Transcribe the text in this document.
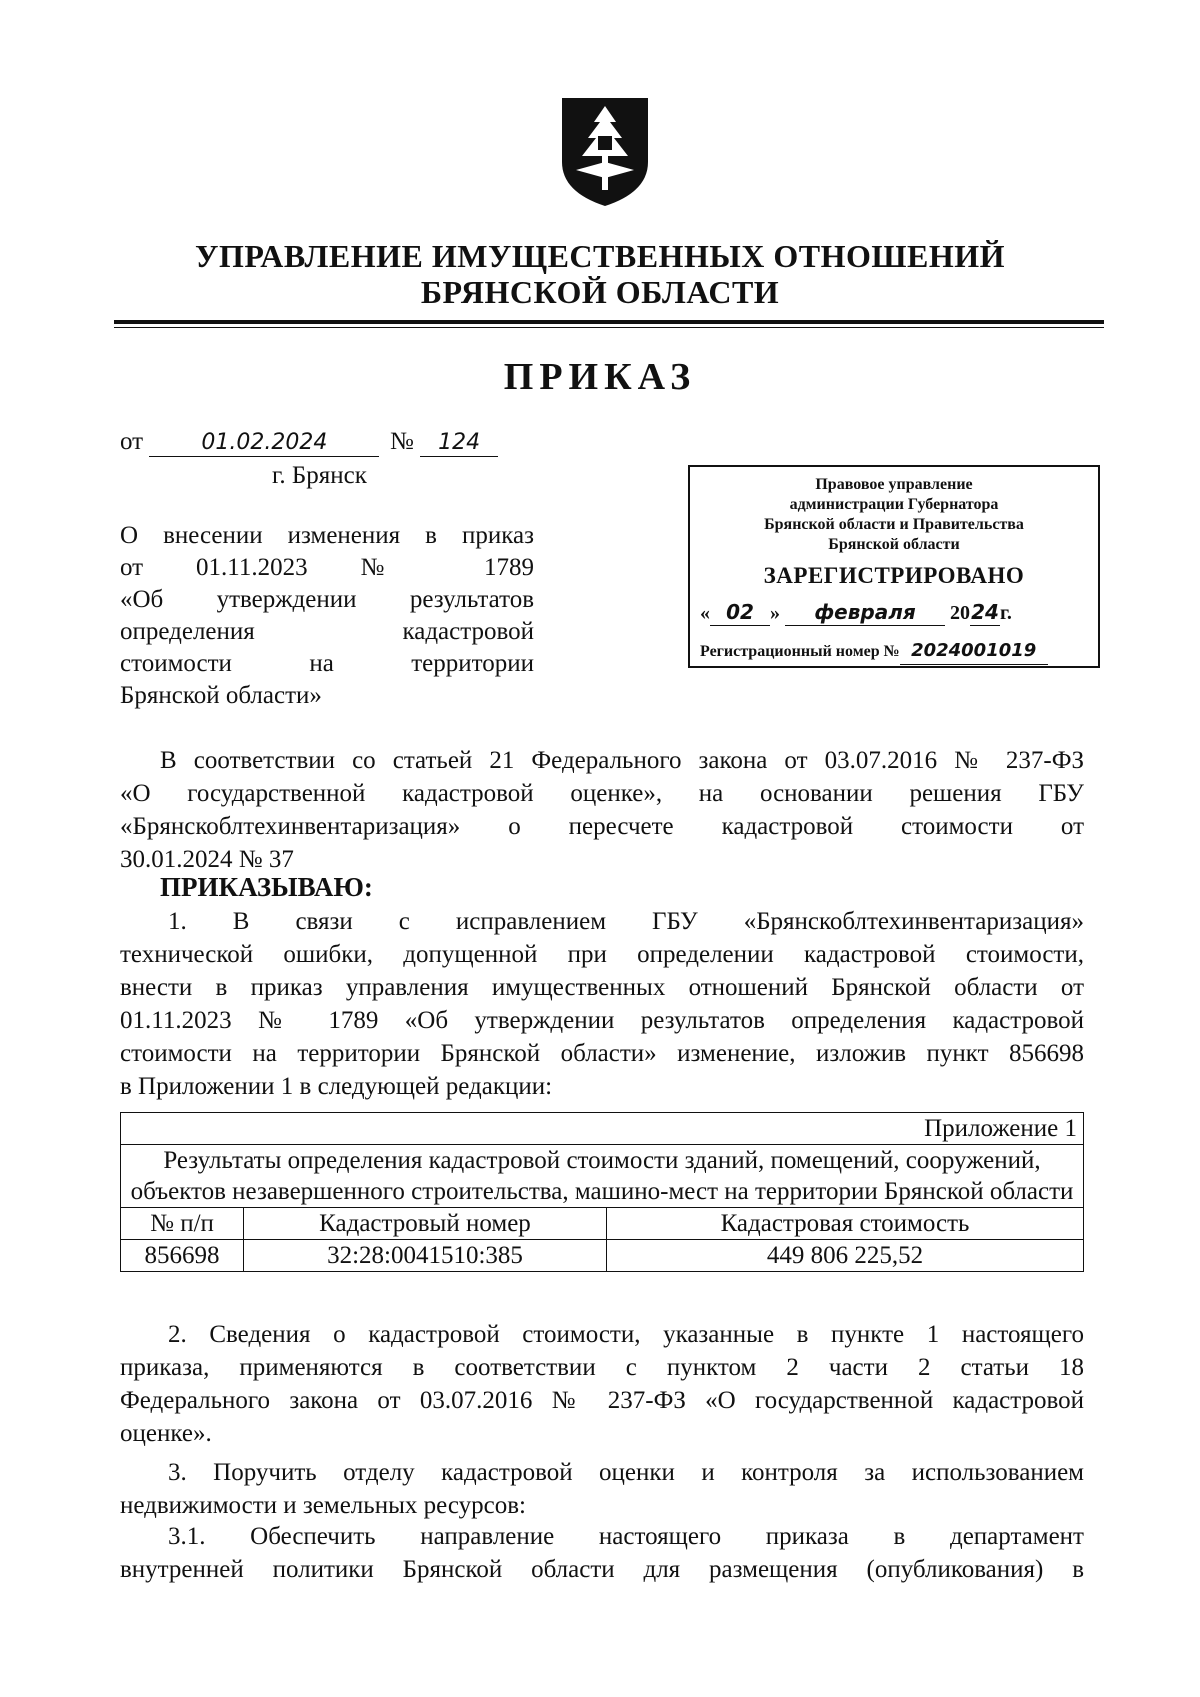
УПРАВЛЕНИЕ ИМУЩЕСТВЕННЫХ ОТНОШЕНИЙ
БРЯНСКОЙ ОБЛАСТИ
ПРИКАЗ
от	01.02.2024	№ 124
г. Брянск
О внесении изменения в приказ
от 01.11.2023 № 1789
«Об утверждении результатов
определения кадастровой
стоимости на территории
Брянской области»
Правовое управление
администрации Губернатора
Брянской области и Правительства
Брянской области
ЗАРЕГИСТРИРОВАНО
« 02 » февраля 2024г.
Регистрационный номер № 2024001019
В соответствии со статьей 21 Федерального закона от 03.07.2016 № 237-ФЗ
«О государственной кадастровой оценке», на основании решения ГБУ
«Брянскоблтехинвентаризация» о пересчете кадастровой стоимости от
30.01.2024 № 37
ПРИКАЗЫВАЮ:
1. В связи с исправлением ГБУ «Брянскоблтехинвентаризация»
технической ошибки, допущенной при определении кадастровой стоимости,
внести в приказ управления имущественных отношений Брянской области от
01.11.2023 № 1789 «Об утверждении результатов определения кадастровой
стоимости на территории Брянской области» изменение, изложив пункт 856698
в Приложении 1 в следующей редакции:
Приложение 1		
Результаты определения кадастровой стоимости зданий, помещений, сооружений, объектов незавершенного строительства, машино-мест на территории Брянской области		
№ п/п	Кадастровый номер	Кадастровая стоимость
856698	32:28:0041510:385	449 806 225,52
2. Сведения о кадастровой стоимости, указанные в пункте 1 настоящего
приказа, применяются в соответствии с пунктом 2 части 2 статьи 18
Федерального закона от 03.07.2016 № 237-ФЗ «О государственной кадастровой
оценке».
3. Поручить отделу кадастровой оценки и контроля за использованием
недвижимости и земельных ресурсов:
3.1. Обеспечить направление настоящего приказа в департамент
внутренней политики Брянской области для размещения (опубликования) в
